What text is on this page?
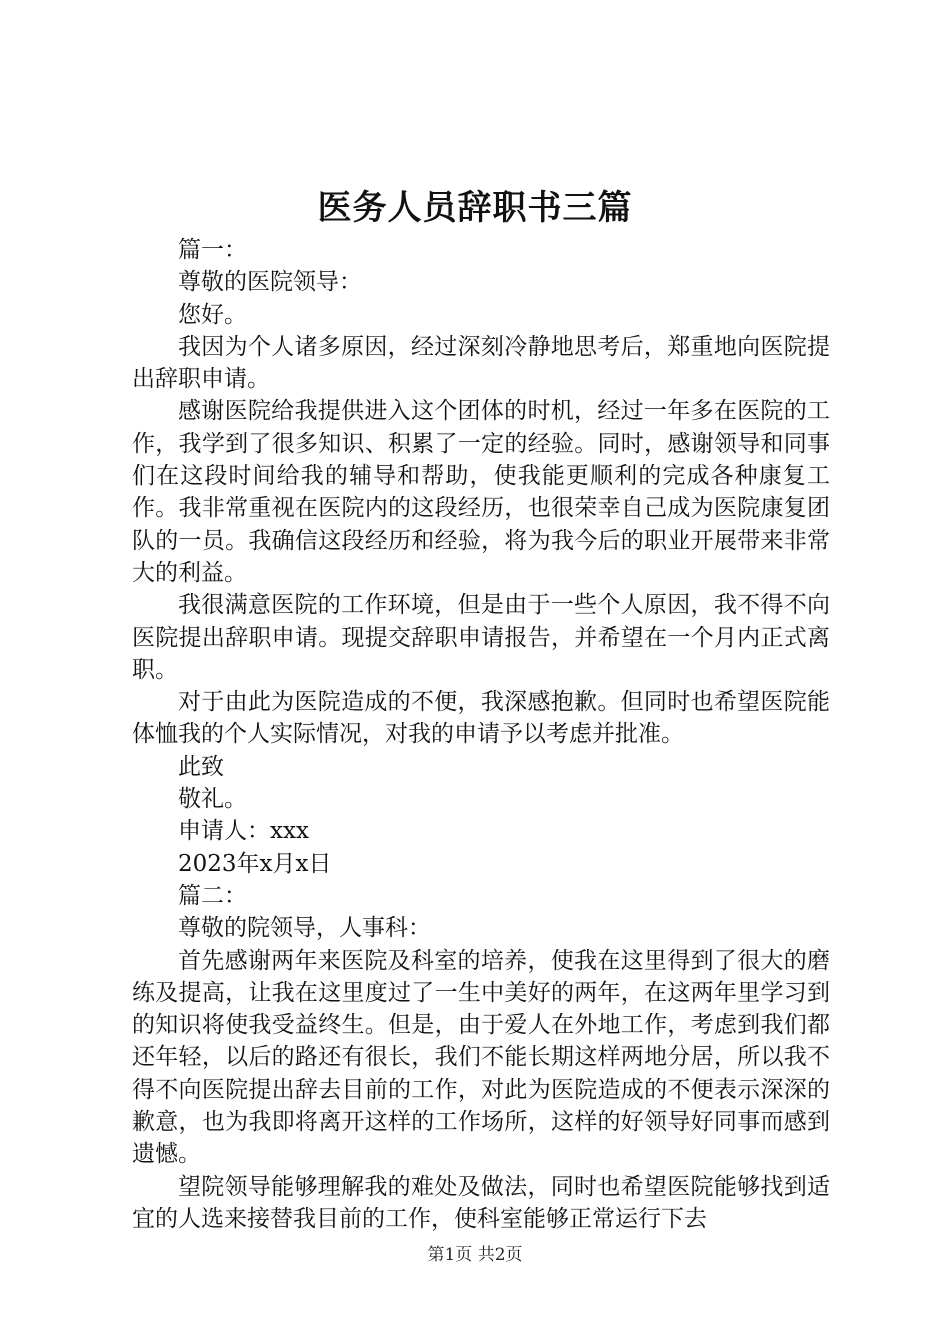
医务人员辞职书三篇

篇一：

尊敬的医院领导：

您好。

我因为个人诸多原因，经过深刻冷静地思考后，郑重地向医院提出辞职申请。

感谢医院给我提供进入这个团体的时机，经过一年多在医院的工作，我学到了很多知识、积累了一定的经验。同时，感谢领导和同事们在这段时间给我的辅导和帮助，使我能更顺利的完成各种康复工作。我非常重视在医院内的这段经历，也很荣幸自己成为医院康复团队的一员。我确信这段经历和经验，将为我今后的职业开展带来非常大的利益。

我很满意医院的工作环境，但是由于一些个人原因，我不得不向医院提出辞职申请。现提交辞职申请报告，并希望在一个月内正式离职。

对于由此为医院造成的不便，我深感抱歉。但同时也希望医院能体恤我的个人实际情况，对我的申请予以考虑并批准。

此致

敬礼。

申请人：xxx

2023年x月x日

篇二：

尊敬的院领导，人事科：

首先感谢两年来医院及科室的培养，使我在这里得到了很大的磨练及提高，让我在这里度过了一生中美好的两年，在这两年里学习到的知识将使我受益终生。但是，由于爱人在外地工作，考虑到我们都还年轻，以后的路还有很长，我们不能长期这样两地分居，所以我不得不向医院提出辞去目前的工作，对此为医院造成的不便表示深深的歉意，也为我即将离开这样的工作场所，这样的好领导好同事而感到遗憾。

望院领导能够理解我的难处及做法，同时也希望医院能够找到适宜的人选来接替我目前的工作，使科室能够正常运行下去

第1页 共2页
